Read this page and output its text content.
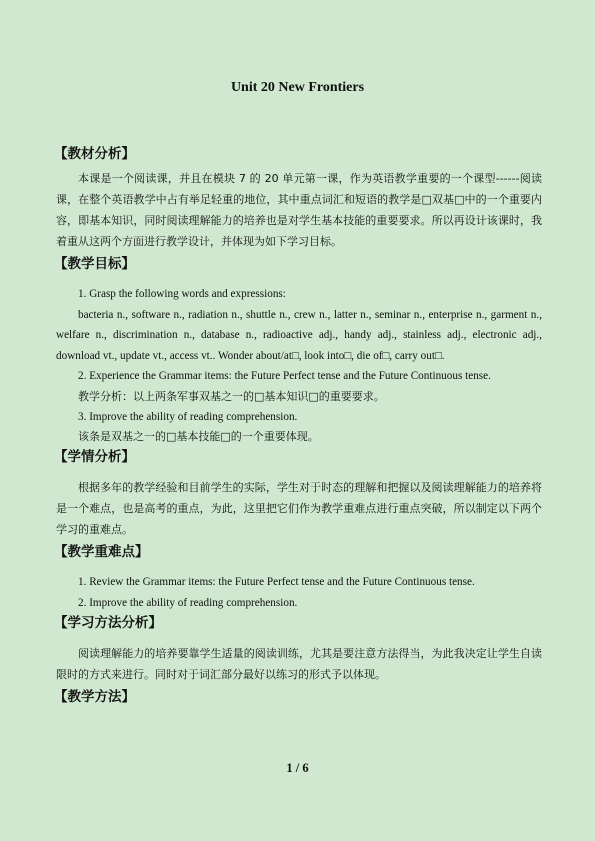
Unit 20 New Frontiers
【教材分析】

本课是一个阅读课，并且在模块 7 的 20 单元第一课，作为英语教学重要的一个课型------阅读课，在整个英语教学中占有举足轻重的地位，其中重点词汇和短语的教学是□双基□中的一个重要内容，即基本知识，同时阅读理解能力的培养也是对学生基本技能的重要要求。所以再设计该课时，我着重从这两个方面进行教学设计，并体现为如下学习目标。

【教学目标】

1. Grasp the following words and expressions:

bacteria n., software n., radiation n., shuttle n., crew n., latter n., seminar n., enterprise n., garment n., welfare n., discrimination n., database n., radioactive adj., handy adj., stainless adj., electronic adj., download vt., update vt., access vt.. Wonder about/at□, look into□, die of□, carry out□.

2. Experience the Grammar items: the Future Perfect tense and the Future Continuous tense.

教学分析：以上两条军事双基之一的□基本知识□的重要要求。

3. Improve the ability of reading comprehension.

该条是双基之一的□基本技能□的一个重要体现。

【学情分析】

根据多年的教学经验和目前学生的实际，学生对于时态的理解和把握以及阅读理解能力的培养将是一个难点，也是高考的重点，为此，这里把它们作为教学重难点进行重点突破，所以制定以下两个学习的重难点。

【教学重难点】

1. Review the Grammar items: the Future Perfect tense and the Future Continuous tense.

2. Improve the ability of reading comprehension.

【学习方法分析】

阅读理解能力的培养要靠学生适量的阅读训练，尤其是要注意方法得当，为此我决定让学生自读限时的方式来进行。同时对于词汇部分最好以练习的形式予以体现。

【教学方法】
1 / 6
